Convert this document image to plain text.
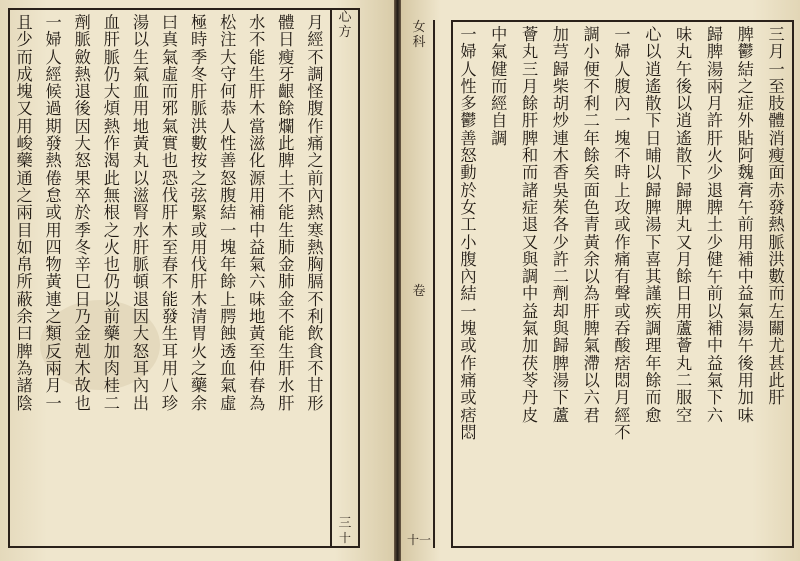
月經不調怪腹作痛之前內熱寒熱胸膈不利飲食不甘形
體日瘦牙齦餘爛此脾土不能生肺金肺金不能生肝水肝
水不能生肝木當滋化源用補中益氣六味地黃至仲春為
松注大守何恭人性善怒腹結一塊年餘上腭蝕透血氣虛
極時季冬肝脈洪數按之弦緊或用伐肝木清胃火之藥余
曰真氣虛而邪氣實也恐伐肝木至春不能發生耳用八珍
湯以生氣血用地黃丸以滋腎水肝脈頓退因大怒耳內出
血肝脈仍大煩熱作渴此無根之火也仍以前藥加肉桂二
劑脈斂熱退後因大怒果卒於季冬辛巳日乃金剋木故也
一婦人經候過期發熱倦怠或用四物黃連之類反兩月一
且少而成塊又用峻藥通之兩目如帛所蔽余曰脾為諸陰
心
方
三
十
女
科
卷
十一
三月一至肢體消瘦面赤發熱脈洪數而左關尤甚此肝
脾鬱結之症外貼阿魏膏午前用補中益氣湯午後用加味
歸脾湯兩月許肝火少退脾土少健午前以補中益氣下六
味丸午後以逍遙散下歸脾丸又月餘日用蘆薈丸二服空
心以逍遙散下日晡以歸脾湯下喜其謹疾調理年餘而愈
一婦人腹內一塊不時上攻或作痛有聲或吞酸痞悶月經不
調小便不利二年餘矣面色青黃余以為肝脾氣滯以六君
加芎歸柴胡炒連木香吳茱各少許二劑却與歸脾湯下蘆
薈丸三月餘肝脾和而諸症退又與調中益氣加茯苓丹皮
中氣健而經自調
一婦人性多鬱善怒動於女工小腹內結一塊或作痛或痞悶
